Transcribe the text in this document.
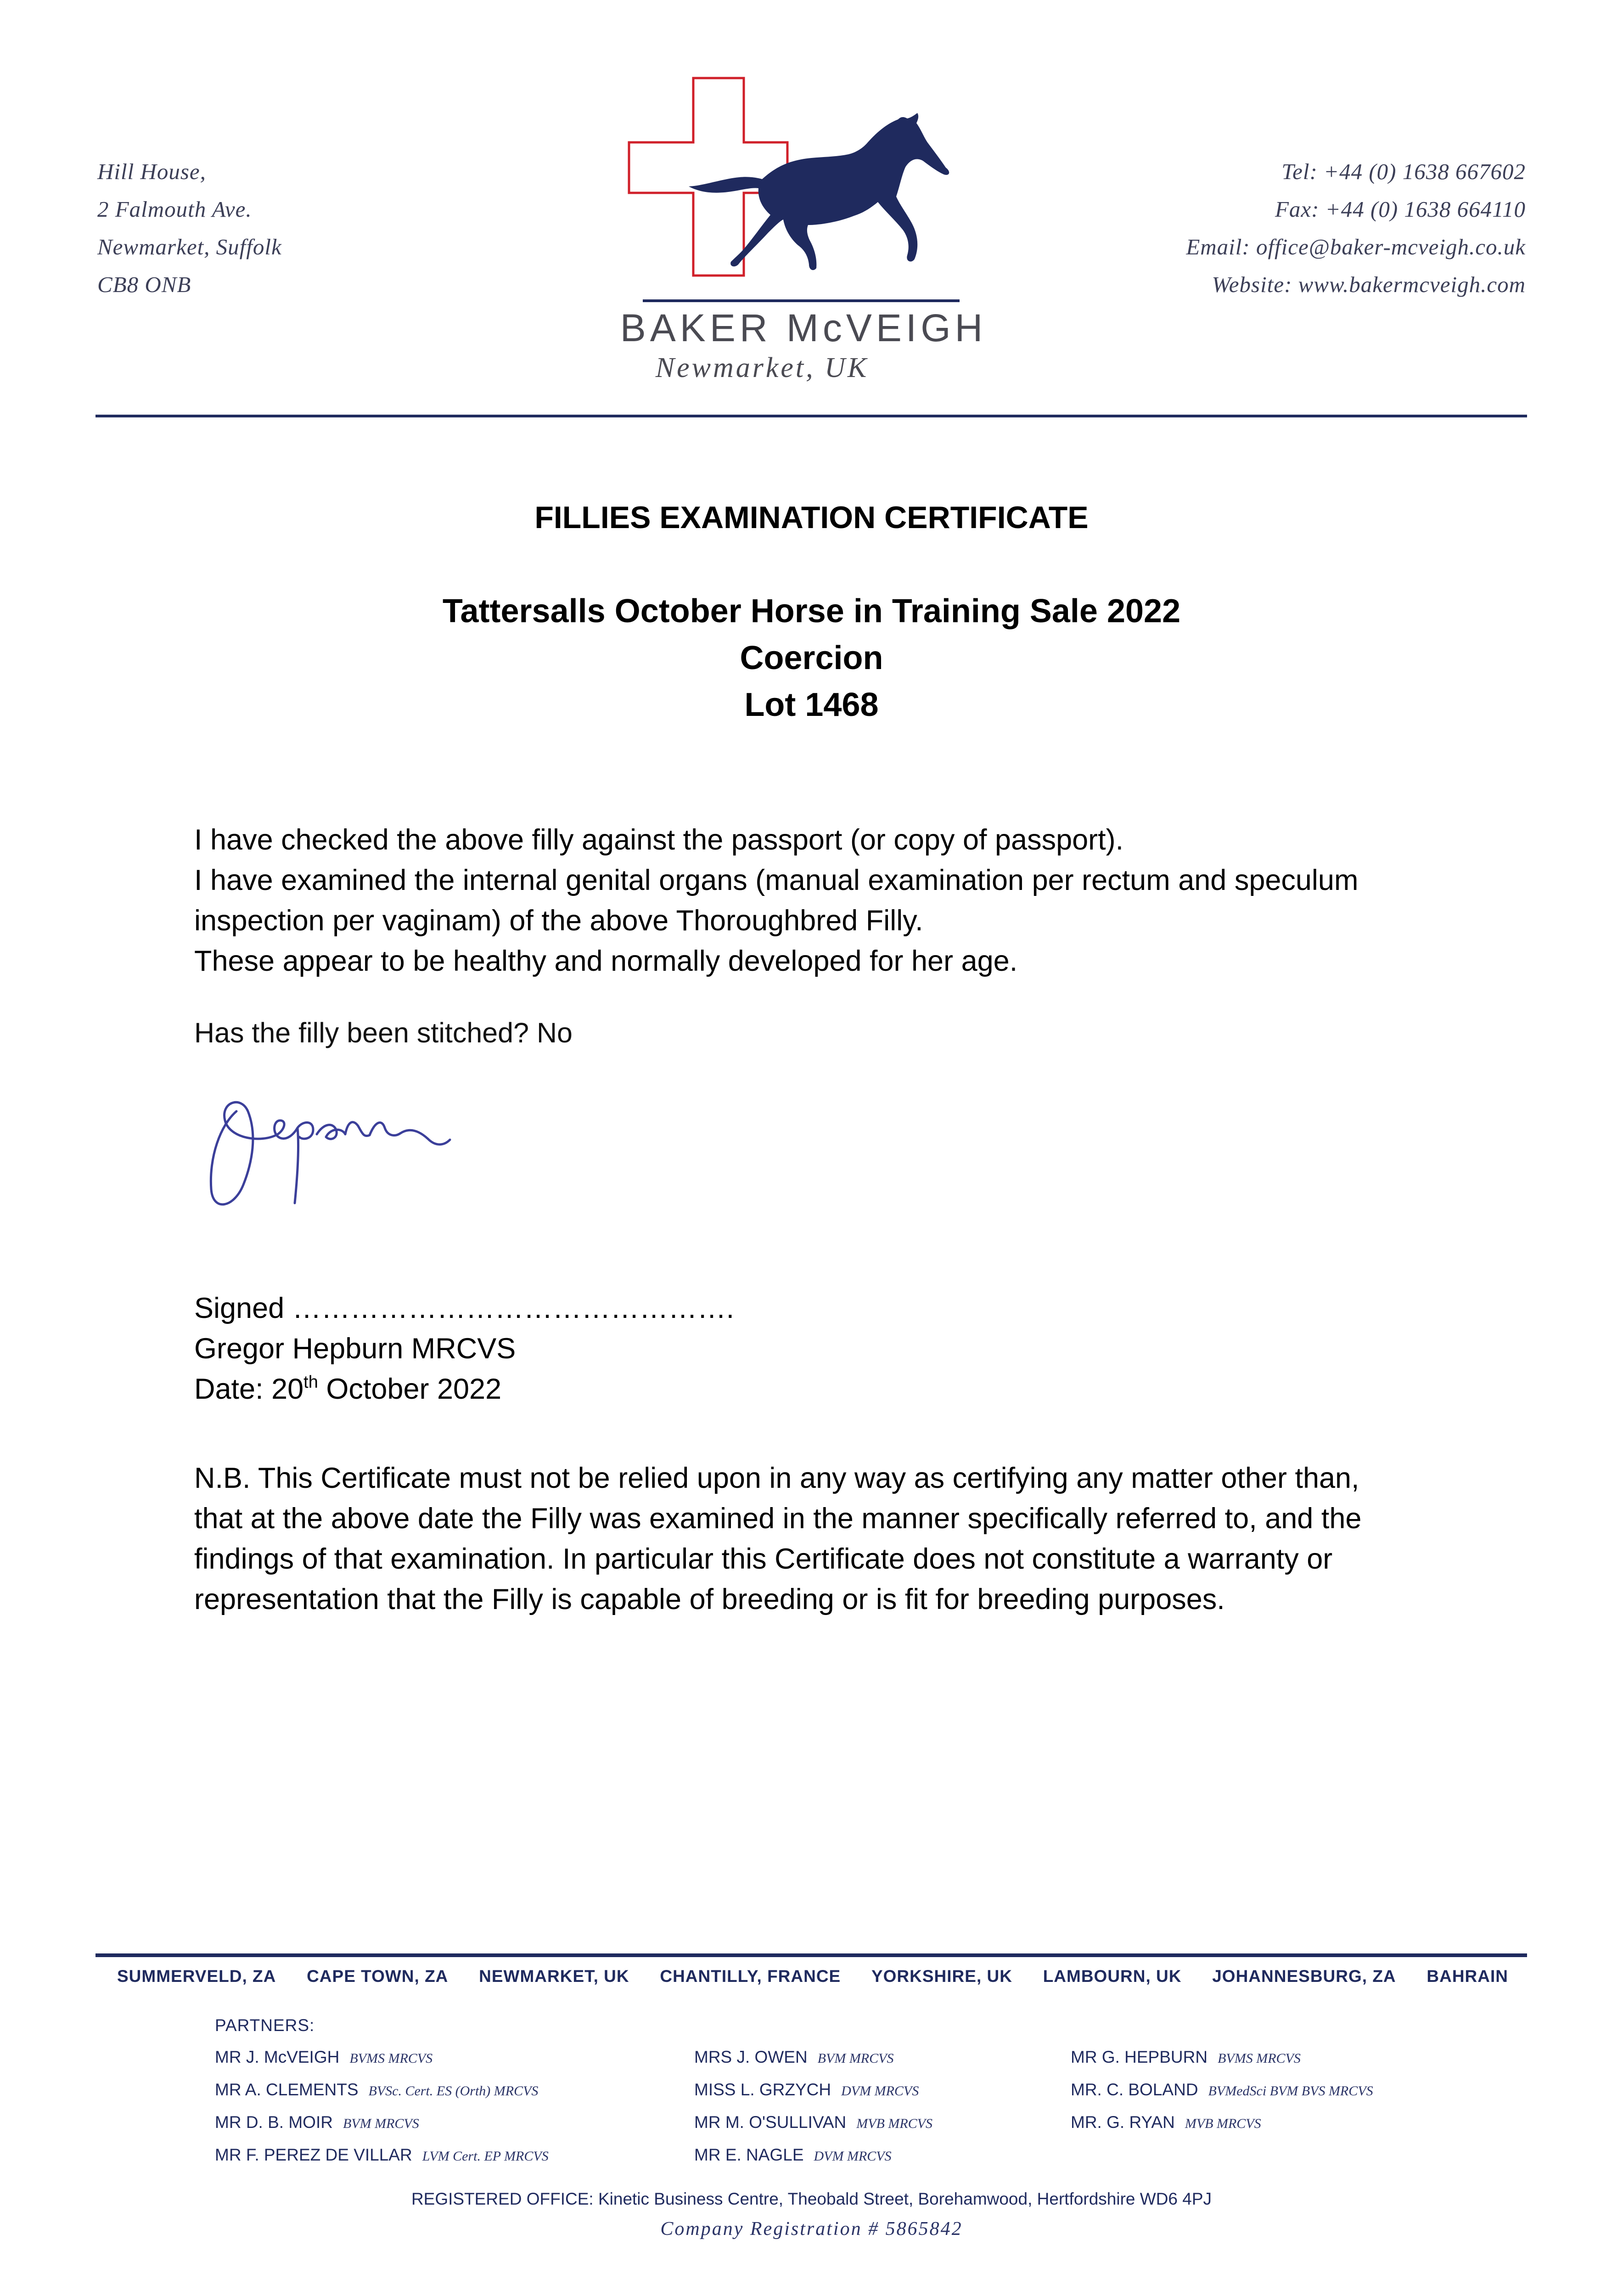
Hill House,
2 Falmouth Ave.
Newmarket, Suffolk
CB8 ONB
BAKER McVEIGH
Newmarket, UK
Tel: +44 (0) 1638 667602
Fax: +44 (0) 1638 664110
Email: office@baker-mcveigh.co.uk
Website: www.bakermcveigh.com
FILLIES EXAMINATION CERTIFICATE
Tattersalls October Horse in Training Sale 2022
Coercion
Lot 1468
I have checked the above filly against the passport (or copy of passport).
I have examined the internal genital organs (manual examination per rectum and speculum
inspection per vaginam) of the above Thoroughbred Filly.
These appear to be healthy and normally developed for her age.
Has the filly been stitched? No
Signed ……………………………………….
Gregor Hepburn MRCVS
Date: 20th October 2022
N.B. This Certificate must not be relied upon in any way as certifying any matter other than,
that at the above date the Filly was examined in the manner specifically referred to, and the
findings of that examination. In particular this Certificate does not constitute a warranty or
representation that the Filly is capable of breeding or is fit for breeding purposes.
SUMMERVELD, ZA CAPE TOWN, ZA NEWMARKET, UK CHANTILLY, FRANCE YORKSHIRE, UK LAMBOURN, UK JOHANNESBURG, ZA BAHRAIN
PARTNERS:
MR J. McVEIGH BVMS MRCVS
MR A. CLEMENTS BVSc. Cert. ES (Orth) MRCVS
MR D. B. MOIR BVM MRCVS
MR F. PEREZ DE VILLAR LVM Cert. EP MRCVS
MRS J. OWEN BVM MRCVS
MISS L. GRZYCH DVM MRCVS
MR M. O'SULLIVAN MVB MRCVS
MR E. NAGLE DVM MRCVS
MR G. HEPBURN BVMS MRCVS
MR. C. BOLAND BVMedSci BVM BVS MRCVS
MR. G. RYAN MVB MRCVS
REGISTERED OFFICE: Kinetic Business Centre, Theobald Street, Borehamwood, Hertfordshire WD6 4PJ
Company Registration # 5865842
